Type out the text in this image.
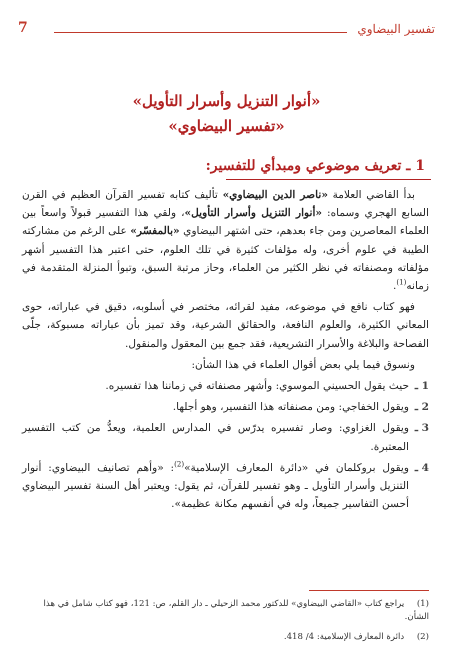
تفسير البيضاوي
7
«أنوار التنزيل وأسرار التأويل»
«تفسير البيضاوي»
1 ـ تعريف موضوعي ومبدأي للتفسير:

بدأ القاضي العلامة «ناصر الدين البيضاوي» تأليف كتابه تفسير القرآن العظيم في القرن السابع الهجري وسماه: «أنوار التنزيل وأسرار التأويل»، ولقي هذا التفسير قبولاً واسعاً بين العلماء المعاصرين ومن جاء بعدهم، حتى اشتهر البيضاوي «بالمفسّر» على الرغم من مشاركته الطيبة في علوم أخرى، وله مؤلفات كثيرة في تلك العلوم، حتى اعتبر هذا التفسير أشهر مؤلفاته ومصنفاته في نظر الكثير من العلماء، وحاز مرتبة السبق، وتبوأ المنزلة المتقدمة في زمانه$^{(1)}$.

فهو كتاب نافع في موضوعه، مفيد لقرائه، مختصر في أسلوبه، دقيق في عباراته، حوى المعاني الكثيرة، والعلوم النافعة، والحقائق الشرعية، وقد تميز بأن عباراته مسبوكة، جلّى الفصاحة والبلاغة والأسرار التشريعية، فقد جمع بين المعقول والمنقول.

ونسوق فيما يلي بعض أقوال العلماء في هذا الشأن:

1 ـ
حيث يقول الحسيني الموسوي: وأشهر مصنفاته في زماننا هذا تفسيره.

2 ـ
ويقول الخفاجي: ومن مصنفاته هذا التفسير، وهو أجلها.

3 ـ
ويقول الغزاوي: وصار تفسيره يدرّس في المدارس العلمية، ويعدُّ من كتب التفسير المعتبرة.

4 ـ
ويقول بروكلمان في «دائرة المعارف الإسلامية»$^{(2)}$: «وأهم تصانيف البيضاوي: أنوار التنزيل وأسرار التأويل ـ وهو تفسير للقرآن، ثم يقول: ويعتبر أهل السنة تفسير البيضاوي أحسن التفاسير جميعاً، وله في أنفسهم مكانة عظيمة».

(1) يراجع كتاب «القاضي البيضاوي» للدكتور محمد الزحيلي ـ دار القلم، ص: 121، فهو كتاب شامل في هذا الشأن.
(2) دائرة المعارف الإسلامية: 4/ 418.
